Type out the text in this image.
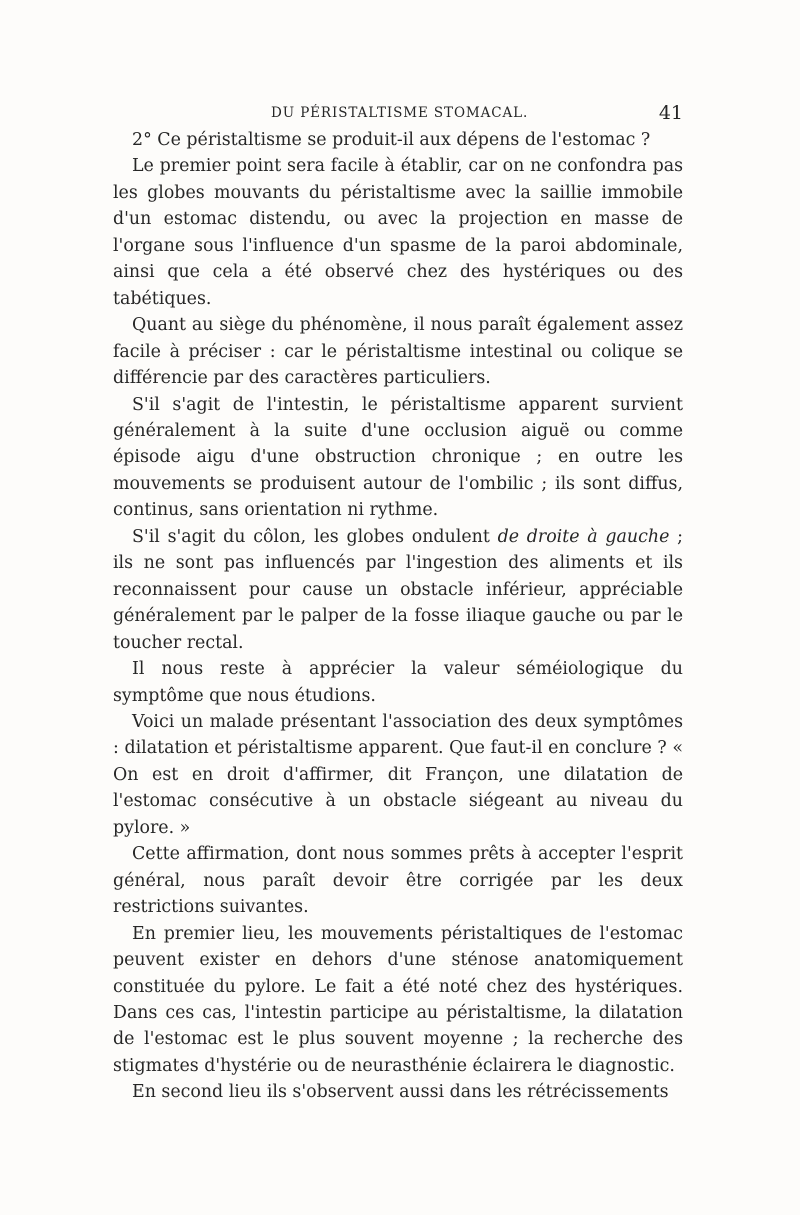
DU PÉRISTALTISME STOMACAL.	41

2° Ce péristaltisme se produit-il aux dépens de l'estomac ?

Le premier point sera facile à établir, car on ne confondra pas les globes mouvants du péristaltisme avec la saillie immobile d'un estomac distendu, ou avec la projection en masse de l'organe sous l'influence d'un spasme de la paroi abdominale, ainsi que cela a été observé chez des hystériques ou des tabétiques.

Quant au siège du phénomène, il nous paraît également assez facile à préciser : car le péristaltisme intestinal ou colique se différencie par des caractères particuliers.

S'il s'agit de l'intestin, le péristaltisme apparent survient généralement à la suite d'une occlusion aiguë ou comme épisode aigu d'une obstruction chronique ; en outre les mouvements se produisent autour de l'ombilic ; ils sont diffus, continus, sans orientation ni rythme.

S'il s'agit du côlon, les globes ondulent de droite à gauche ; ils ne sont pas influencés par l'ingestion des aliments et ils reconnaissent pour cause un obstacle inférieur, appréciable généralement par le palper de la fosse iliaque gauche ou par le toucher rectal.

Il nous reste à apprécier la valeur séméiologique du symptôme que nous étudions.

Voici un malade présentant l'association des deux symptômes : dilatation et péristaltisme apparent. Que faut-il en conclure ? « On est en droit d'affirmer, dit Françon, une dilatation de l'estomac consécutive à un obstacle siégeant au niveau du pylore. »

Cette affirmation, dont nous sommes prêts à accepter l'esprit général, nous paraît devoir être corrigée par les deux restrictions suivantes.

En premier lieu, les mouvements péristaltiques de l'estomac peuvent exister en dehors d'une sténose anatomiquement constituée du pylore. Le fait a été noté chez des hystériques. Dans ces cas, l'intestin participe au péristaltisme, la dilatation de l'estomac est le plus souvent moyenne ; la recherche des stigmates d'hystérie ou de neurasthénie éclairera le diagnostic.

En second lieu ils s'observent aussi dans les rétrécissements
